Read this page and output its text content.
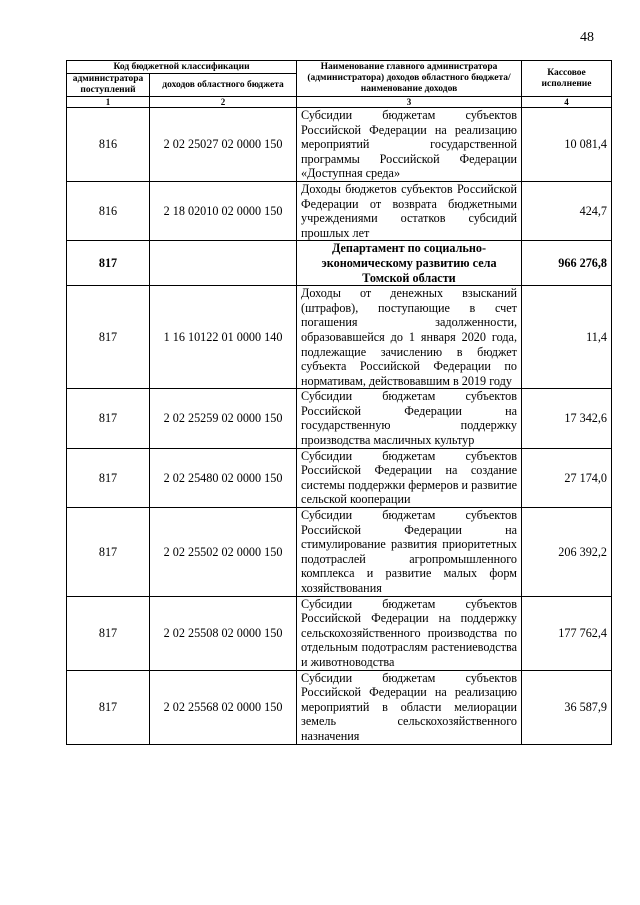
48
Код бюджетной классификации		Наименование главного администратора (администратора) доходов областного бюджета/ наименование доходов	Кассовое исполнение
администратора поступлений	доходов областного бюджета		
1	2	3	4
816	2 02 25027 02 0000 150	Субсидии бюджетам субъектов Российской Федерации на реализацию мероприятий государственной программы Российской Федерации «Доступная среда»	10 081,4
816	2 18 02010 02 0000 150	Доходы бюджетов субъектов Российской Федерации от возврата бюджетными учреждениями остатков субсидий прошлых лет	424,7
817		Департамент по социально-экономическому развитию села Томской области	966 276,8
817	1 16 10122 01 0000 140	Доходы от денежных взысканий (штрафов), поступающие в счет погашения задолженности, образовавшейся до 1 января 2020 года, подлежащие зачислению в бюджет субъекта Российской Федерации по нормативам, действовавшим в 2019 году	11,4
817	2 02 25259 02 0000 150	Субсидии бюджетам субъектов Российской Федерации на государственную поддержку производства масличных культур	17 342,6
817	2 02 25480 02 0000 150	Субсидии бюджетам субъектов Российской Федерации на создание системы поддержки фермеров и развитие сельской кооперации	27 174,0
817	2 02 25502 02 0000 150	Субсидии бюджетам субъектов Российской Федерации на стимулирование развития приоритетных подотраслей агропромышленного комплекса и развитие малых форм хозяйствования	206 392,2
817	2 02 25508 02 0000 150	Субсидии бюджетам субъектов Российской Федерации на поддержку сельскохозяйственного производства по отдельным подотраслям растениеводства и животноводства	177 762,4
817	2 02 25568 02 0000 150	Субсидии бюджетам субъектов Российской Федерации на реализацию мероприятий в области мелиорации земель сельскохозяйственного назначения	36 587,9
